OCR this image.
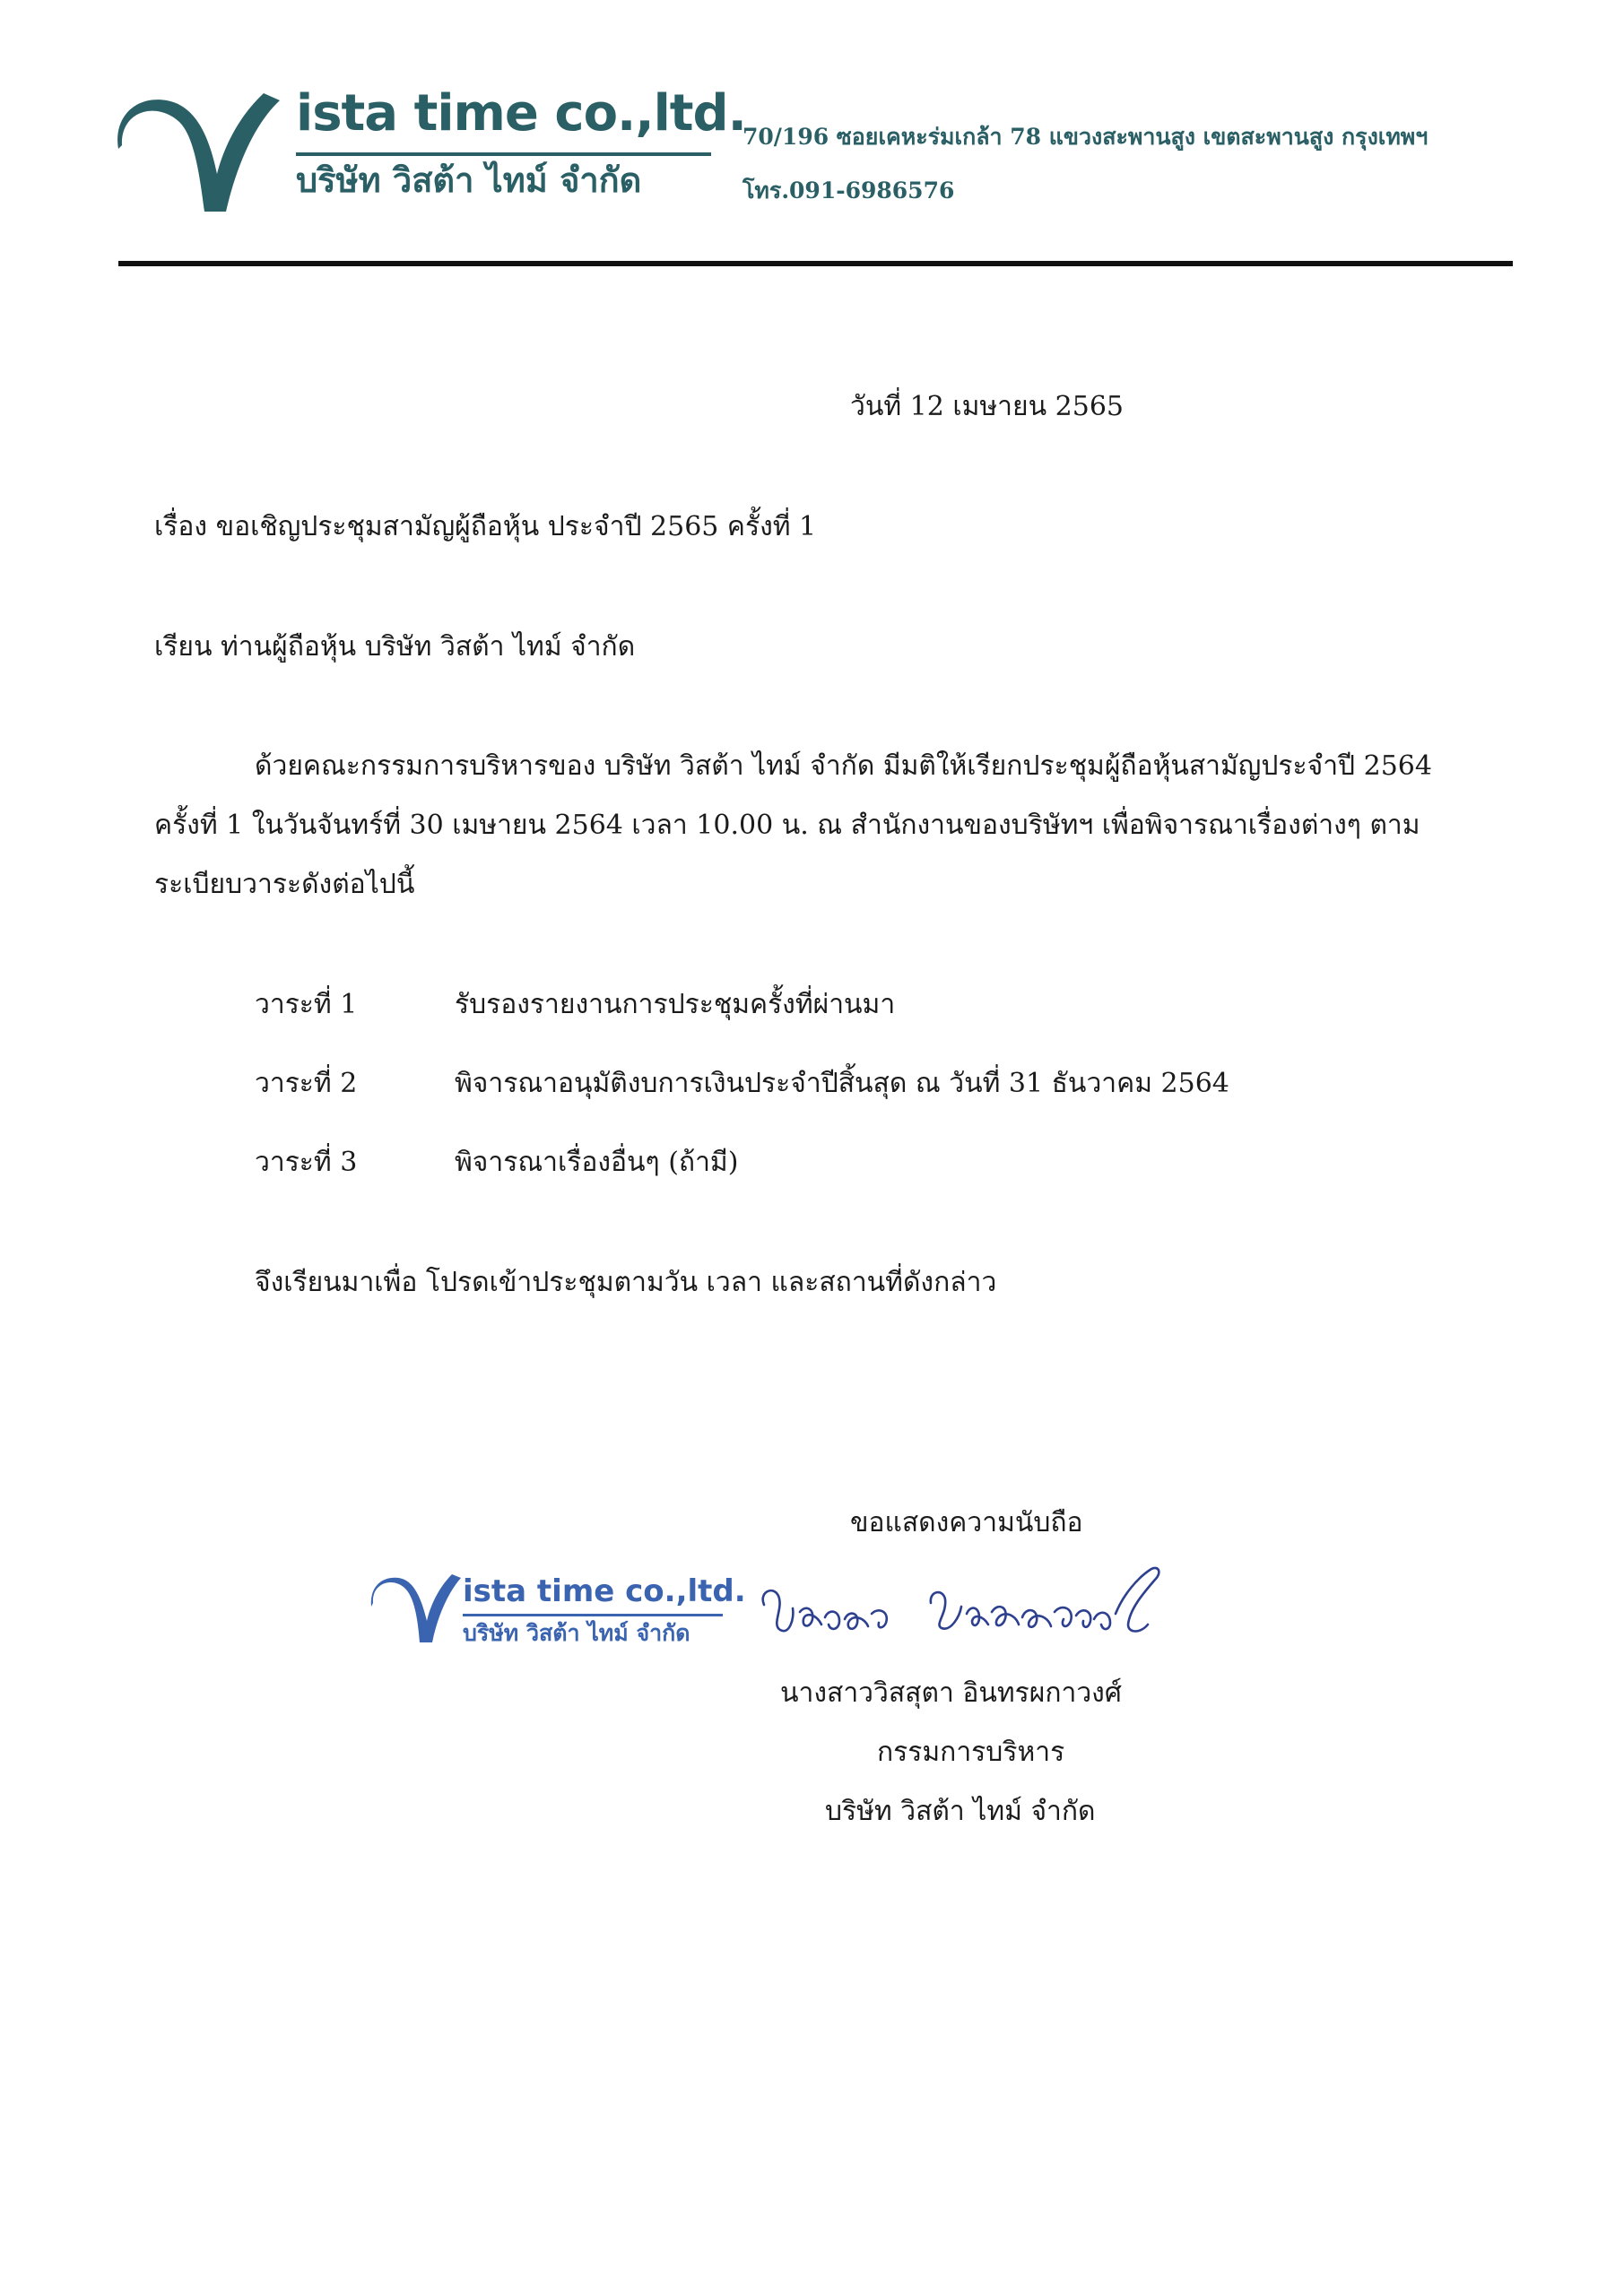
ista time co.,ltd.
บริษัท วิสต้า ไทม์ จำกัด
70/196 ซอยเคหะร่มเกล้า 78 แขวงสะพานสูง เขตสะพานสูง กรุงเทพฯ
โทร.091-6986576
วันที่ 12 เมษายน 2565
เรื่อง ขอเชิญประชุมสามัญผู้ถือหุ้น ประจำปี 2565 ครั้งที่ 1
เรียน ท่านผู้ถือหุ้น บริษัท วิสต้า ไทม์ จำกัด
ด้วยคณะกรรมการบริหารของ บริษัท วิสต้า ไทม์ จำกัด มีมติให้เรียกประชุมผู้ถือหุ้นสามัญประจำปี 2564
ครั้งที่ 1 ในวันจันทร์ที่ 30 เมษายน 2564 เวลา 10.00 น. ณ สำนักงานของบริษัทฯ เพื่อพิจารณาเรื่องต่างๆ ตาม
ระเบียบวาระดังต่อไปนี้
วาระที่ 1	รับรองรายงานการประชุมครั้งที่ผ่านมา
วาระที่ 2	พิจารณาอนุมัติงบการเงินประจำปีสิ้นสุด ณ วันที่ 31 ธันวาคม 2564
วาระที่ 3	พิจารณาเรื่องอื่นๆ (ถ้ามี)
จึงเรียนมาเพื่อ โปรดเข้าประชุมตามวัน เวลา และสถานที่ดังกล่าว
ขอแสดงความนับถือ
ista time co.,ltd.
บริษัท วิสต้า ไทม์ จำกัด
นางสาววิสสุตา อินทรผกาวงศ์
กรรมการบริหาร
บริษัท วิสต้า ไทม์ จำกัด
